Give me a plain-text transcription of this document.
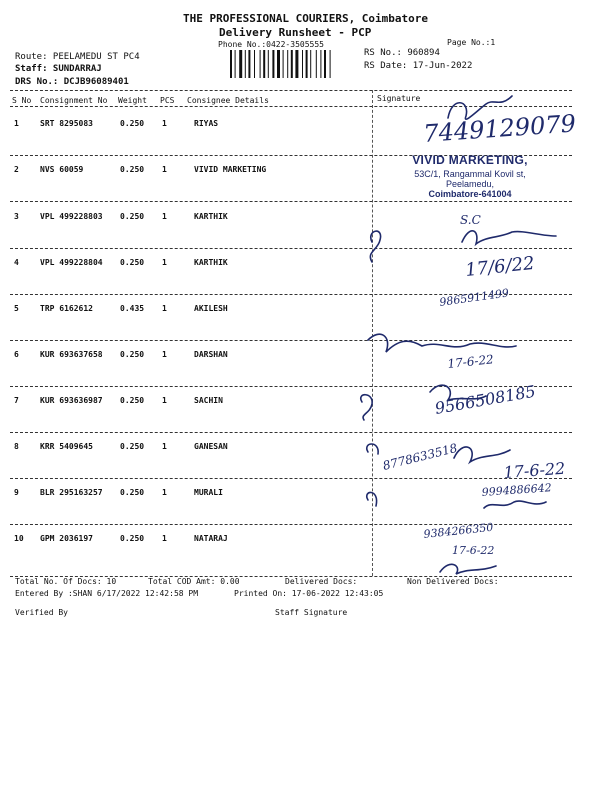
THE PROFESSIONAL COURIERS, Coimbatore
Delivery Runsheet - PCP
Phone No.:0422-3505555	Page No.:1
Route: PEELAMEDU ST PC4
Staff: SUNDARRAJ
DRS No.: DCJB96089401
RS No.: 960894
RS Date: 17-Jun-2022
S No Consignment No Weight PCS Consignee Details	Signature
1	SRT 8295083	0.250 1	RIYAS
2	NVS 60059	0.250 1	VIVID MARKETING
3	VPL 499228803 0.250 1	KARTHIK
4	VPL 499228804 0.250 1	KARTHIK
5	TRP 6162612	0.435 1	AKILESH
6	KUR 693637658 0.250 1	DARSHAN
7	KUR 693636987 0.250 1	SACHIN
8	KRR 5409645	0.250 1	GANESAN
9	BLR 295163257 0.250 1	MURALI
10 GPM 2036197	0.250 1	NATARAJ
Total No. Of Docs: 10	Total COD Amt: 0.00	Delivered Docs:	Non Delivered Docs:
Entered By :SHAN 6/17/2022 12:42:58 PM	Printed On: 17-06-2022 12:43:05
Verified By	Staff Signature
VIVID MARKETING,
53C/1, Rangammal Kovil st,
Peelamedu,
Coimbatore-641004
7449129079
S.C
17/6/22
9865911499
17-6-22
9566508185
8778633518	17-6-22
9994886642
9384266350
17-6-22
